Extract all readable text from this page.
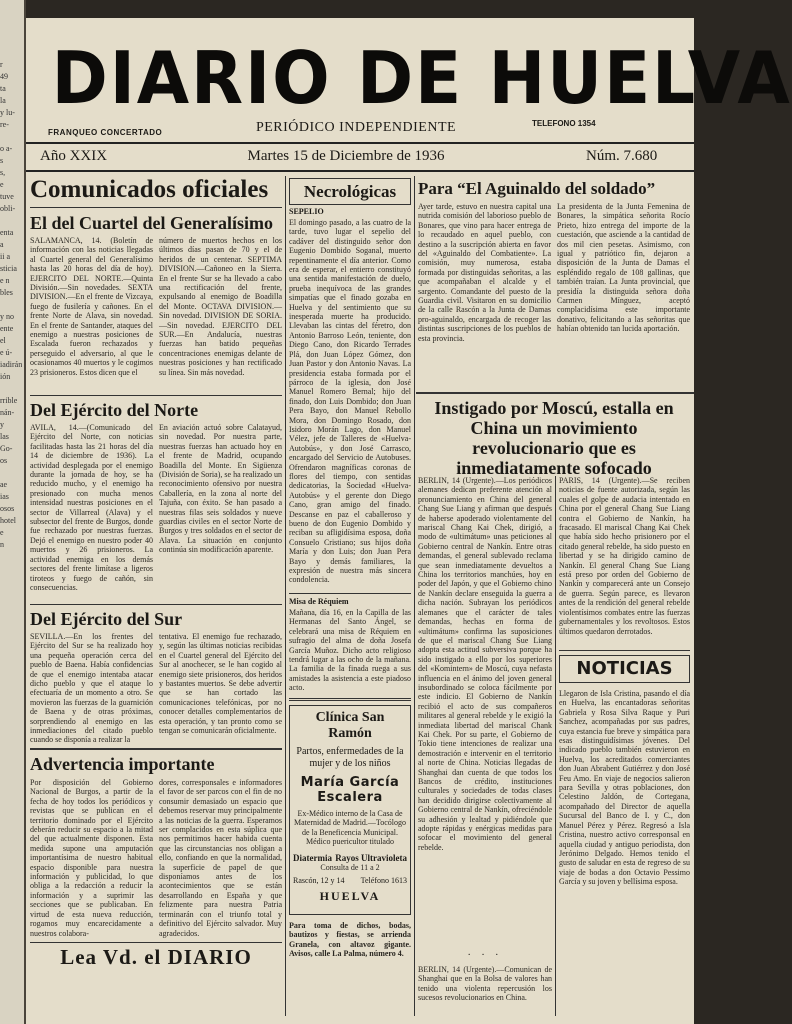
r
49
ta
la
y lu-
re-
o a-
s
s,
e
tuve
obli-
enta
a
ii a
sticia
e n
bles
y no
ente
el
e ú-
iadirán
ión
rrible
nán-
y
las
Go-
os
ae
ias
osos
hotel
e
n
DIARIO DE HUELVA
FRANQUEO CONCERTADO	PERIÓDICO INDEPENDIENTE	TELEFONO 1354
Año XXIX	Martes 15 de Diciembre de 1936	Núm. 7.680
Comunicados oficiales
El del Cuartel del Generalísimo

SALAMANCA, 14. (Boletín de información con las noticias llegadas al Cuartel general del Generalísimo hasta las 20 horas del día de hoy). EJERCITO DEL NORTE.—Quinta División.—Sin novedades. SEXTA DIVISION.—En el frente de Vizcaya, fuego de fusilería y cañones. En el frente Norte de Alava, sin novedad. En el frente de Santander, ataques del enemigo a nuestras posiciones de Escalada fueron rechazados y perseguido el adversario, al que le ocasionamos 40 muertos y le cogimos 23 prisioneros. Estos dicen que el

número de muertos hechos en los últimos días pasan de 70 y el de heridos de un centenar. SEPTIMA DIVISION.—Cañoneo en la Sierra. En el frente Sur se ha llevado a cabo una rectificación del frente, expulsando al enemigo de Boadilla del Monte. OCTAVA DIVISION.—Sin novedad. DIVISION DE SORIA.—Sin novedad. EJERCITO DEL SUR.—En Andalucía, nuestras fuerzas han batido pequeñas concentraciones enemigas delante de nuestras posiciones y han rectificado su línea. Sin más novedad.

Del Ejército del Norte

AVILA, 14.—(Comunicado del Ejército del Norte, con noticias facilitadas hasta las 21 horas del día 14 de diciembre de 1936). La actividad desplegada por el enemigo durante la jornada de hoy, se ha reducido mucho, y el enemigo ha presionado con mucha menos intensidad nuestras posiciones en el sector de Villarreal (Alava) y el subsector del frente de Burgos, donde fue rechazado por nuestras fuerzas. Dejó el enemigo en nuestro poder 40 muertos y 26 prisioneros. La actividad enemiga en los demás sectores del frente limítase a ligeros tiroteos y fuego de cañón, sin consecuencias.

En aviación actuó sobre Calatayud, sin novedad. Por nuestra parte, nuestras fuerzas han actuado hoy en el frente de Madrid, ocupando Boadilla del Monte. En Sigüenza (División de Soria), se ha realizado un reconocimiento ofensivo por nuestra Caballería, en la zona al norte del Tajuña, con éxito. Se han pasado a nuestras filas seis soldados y nueve guardias civiles en el sector Norte de Burgos y tres soldados en el sector de Alava. La situación en conjunto continúa sin modificación aparente.

Del Ejército del Sur

SEVILLA.—En los frentes del Ejército del Sur se ha realizado hoy una pequeña operación cerca del pueblo de Baena. Había confidencias de que el enemigo intentaba atacar dicho pueblo y que el ataque lo efectuaría de un momento a otro. Se movieron las fuerzas de la guarnición de Baena y de otras próximas, sorprendiendo al enemigo en las inmediaciones del citado pueblo cuando se disponía a realizar la

tentativa. El enemigo fue rechazado, y, según las últimas noticias recibidas en el Cuartel general del Ejército del Sur al anochecer, se le han cogido al enemigo siete prisioneros, dos heridos y bastantes muertos. Se debe advertir que se han cortado las comunicaciones telefónicas, por no conocer detalles complementarios de esta operación, y tan pronto como se tengan se comunicarán oficialmente.

Advertencia importante

Por disposición del Gobierno Nacional de Burgos, a partir de la fecha de hoy todos los periódicos y revistas que se publican en el territorio dominado por el Ejército deberán reducir su espacio a la mitad del que actualmente disponen. Esta medida supone una amputación importantísima de nuestro habitual espacio disponible para nuestra información y publicidad, lo que obliga a la redacción a reducir la información y a suprimir las secciones que se publicaban. En virtud de esta nueva reducción, rogamos muy encarecidamente a nuestros colabora-

dores, corresponsales e informadores el favor de ser parcos con el fin de no consumir demasiado un espacio que debemos reservar muy principalmente a las noticias de la guerra. Esperamos ser complacidos en esta súplica que nos permitimos hacer habida cuenta que las circunstancias nos obligan a ello, confiando en que la normalidad, la superficie de papel de que disponíamos antes de los acontecimientos que se están desarrollando en España y que felizmente para nuestra Patria terminarán con el triunfo total y definitivo del Ejército salvador. Muy agradecidos.

Lea Vd. el DIARIO
Necrológicas
SEPELIO

El domingo pasado, a las cuatro de la tarde, tuvo lugar el sepelio del cadáver del distinguido señor don Eugenio Dombido Soganal, muerto repentinamente el día anterior. Como era de esperar, el entierro constituyó una sentida manifestación de duelo, prueba inequívoca de las grandes simpatías que el finado gozaba en Huelva y del sentimiento que su inesperada muerte ha producido. Llevaban las cintas del féretro, don Antonio Barroso León, teniente, don Diego Cano, don Ricardo Terrades Plá, don Juan López Gómez, don Juan Pastor y don Antonio Navas. La presidencia estaba formada por el párroco de la iglesia, don José Manuel Romero Bernal; hijo del finado, don Luis Dombido; don Juan Pera Bayo, don Manuel Rebollo Mora, don Domingo Rosado, don Isidoro Morán Lago, don Manuel Vélez, jefe de Talleres de «Huelva-Autobús», y don José Carrasco, encargado del Servicio de Autobuses. Ofrendaron magníficas coronas de flores del tiempo, con sentidas dedicatorias, la Sociedad «Huelva-Autobús» y el gerente don Diego Cano, gran amigo del finado. Descanse en paz el caballeroso y bueno de don Eugenio Dombido y reciban su afligidísima esposa, doña Consuelo Cristiano; sus hijos doña María y don Luis; don Juan Pera Bayo y demás familiares, la expresión de nuestra más sincera condolencia.

Misa de Réquiem

Mañana, día 16, en la Capilla de las Hermanas del Santo Ángel, se celebrará una misa de Réquiem en sufragio del alma de doña Josefa García Muñoz. Dicho acto religioso tendrá lugar a las ocho de la mañana. La familia de la finada ruega a sus amistades la asistencia a este piadoso acto.

Clínica San Ramón
Partos, enfermedades de la mujer y de los niños
María García Escalera

Ex-Médico interno de la Casa de Maternidad de Madrid.—Tocólogo de la Beneficencia Municipal. Médico puericultor titulado

Diatermia Rayos Ultravioleta
Consulta de 11 a 2
Rascón, 12 y 14 Teléfono 1613
HUELVA

Para toma de dichos, bodas, bautizos y fiestas, se arrienda Granela, con altavoz gigante. Avisos, calle La Palma, número 4.

Para “El Aguinaldo del soldado”

Ayer tarde, estuvo en nuestra capital una nutrida comisión del laborioso pueblo de Bonares, que vino para hacer entrega de lo recaudado en aquel pueblo, con destino a la suscripción abierta en favor del «Aguinaldo del Combatiente». La comisión, muy numerosa, estaba formada por distinguidas señoritas, a las que acompañaban el alcalde y el sargento. Comandante del puesto de la Guardia civil. Visitaron en su domicilio de la calle Rascón a la Junta de Damas pro-aguinaldo, encargada de recoger las distintas suscripciones de los pueblos de esta provincia.

La presidenta de la Junta Femenina de Bonares, la simpática señorita Rocío Prieto, hizo entrega del importe de la cuestación, que asciende a la cantidad de dos mil cien pesetas. Asimismo, con igual y patriótico fin, dejaron a disposición de la Junta de Damas el espléndido regalo de 108 gallinas, que también traían. La Junta provincial, que presidía la distinguida señora doña Carmen Mínguez, aceptó complacidísima este importante donativo, felicitando a las señoritas que habían obtenido tan lucida aportación.

Instigado por Moscú, estalla en China un movimiento revolucionario que es inmediatamente sofocado

BERLIN, 14 (Urgente).—Los periódicos alemanes dedican preferente atención al pronunciamiento en China del general Chang Sue Liang y afirman que después de haberse apoderado violentamente del mariscal Chang Kai Chek, dirigió, a modo de «ultimátum» unas peticiones al Gobierno central de Nankín. Entre otras demandas, el general sublevado reclama que sean inmediatamente devueltos a China los territorios manchúes, hoy en poder del Japón, y que el Gobierno chino de Nankín declare enseguida la guerra a dicha nación. Subrayan los periódicos alemanes que el carácter de tales demandas, hechas en forma de «ultimátum» confirma las suposiciones de que el mariscal Chang Sue Liang adopta esta actitud subversiva porque ha sido instigado a ello por los superiores del «Komintern» de Moscú, cuya nefasta influencia en el ánimo del joven general insubordinado se coloca fácilmente por este indicio. El Gobierno de Nankín recibió el acto de sus compañeros militares al general rebelde y le exigió la inmediata libertad del mariscal Chank Kai Chek. Por su parte, el Gobierno de Tokio tiene intenciones de realizar una demostración e intervenir en el territorio al norte de China. Noticias llegadas de Shanghai dan cuenta de que todos los Bancos de crédito, instituciones culturales y sociedades de todas clases han decidido dirigirse colectivamente al Gobierno central de Nankín, ofreciéndole su adhesión y lealtad y pidiéndole que adopte rápidas y enérgicas medidas para sofocar el movimiento del general rebelde.

· · ·

BERLIN, 14 (Urgente).—Comunican de Shanghai que en la Bolsa de valores han tenido una violenta repercusión los sucesos revolucionarios en China.

PARIS, 14 (Urgente).—Se reciben noticias de fuente autorizada, según las cuales el golpe de audacia intentado en China por el general Chang Sue Liang contra el Gobierno de Nankín, ha fracasado. El mariscal Chang Kai Chek que había sido hecho prisionero por el citado general rebelde, ha sido puesto en libertad y se ha dirigido camino de Nankín. El general Chang Sue Liang está preso por orden del Gobierno de Nankín y comparecerá ante un Consejo de guerra. Según parece, es llevaron antes de la rendición del general rebelde violentísimos combates entre las fuerzas gubernamentales y los revoltosos. Estos últimos quedaron derrotados.

NOTICIAS

Llegaron de Isla Cristina, pasando el día en Huelva, las encantadoras señoritas Gabriela y Rosa Silva Raque y Puri Sanchez, acompañadas por sus padres, cuya estancia fue breve y simpática para esas distinguidísimas jóvenes. Del indicado pueblo también estuvieron en Huelva, los acreditados comerciantes don Juan Abrabent Gutiérrez y don José Feu Amo. En viaje de negocios salieron para Sevilla y otras poblaciones, don Celestino Jaldón, de Cortegana, acompañado del Director de aquella Sucursal del Banco de I. y C., don Manuel Pérez y Pérez. Regresó a Isla Cristina, nuestro activo corresponsal en aquella ciudad y antiguo periodista, don Jerónimo Delgado. Hemos tenido el gusto de saludar en esta de regreso de su viaje de bodas a don Octavio Pessimo García y su joven y bellísima esposa.
